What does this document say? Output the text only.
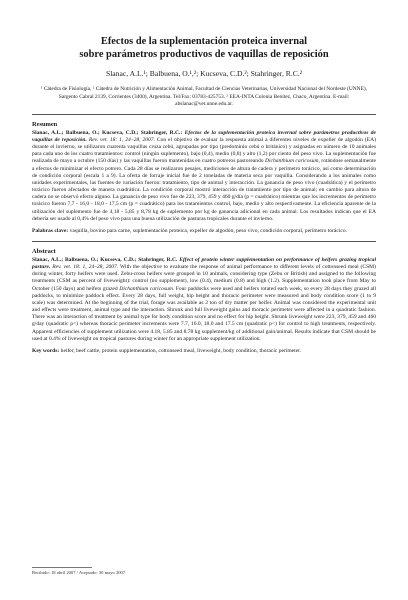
Efectos de la suplementación proteica invernal
sobre parámetros productivos de vaquillas de reposición
Slanac, A.L.¹; Balbuena, O.¹,²; Kucseva, C.D.²; Stahringer, R.C.²
¹ Cátedra de Fisiología, ² Cátedra de Nutrición y Alimentación Animal, Facultad de Ciencias Veterinarias, Universidad Nacional del Nordeste (UNNE), Sargento Cabral 2139, Corrientes (3400), Argentina. Tel/Fax: 03783-425753. ² EEA-INTA Colonia Benítez, Chaco, Argentina. E-mail: abslanac@vet.unne.edu.ar.
Resumen

Slanac, A.L.; Balbuena, O.; Kucseva, C.D.; Stahringer, R.C.: Efectos de la suplementación proteica invernal sobre parámetros productivos de vaquillas de reposición. Rev. vet. 18: 1, 24–28, 2007. Con el objetivo de evaluar la respuesta animal a diferentes niveles de expeller de algodón (EA) durante el invierno, se utilizaron cuarenta vaquillas cruza cebú, agrupadas por tipo (predominio cebú o británico) y asignadas en número de 10 animales para cada uno de los cuatro tratamientos: control (ningún suplemento), bajo (0,4), medio (0,8) y alto (1,2) por ciento del peso vivo. La suplementación fue realizada de mayo a octubre (150 días) y las vaquillas fueron mantenidas en cuatro potreros pastoreando Dichanthium caricosum, rotándose semanalmente a efectos de minimizar el efecto potrero. Cada 28 días se realizaron pesajes, mediciones de altura de cadera y perímetro torácico, así como determinación de condición corporal (escala 1 a 9). La oferta de forraje inicial fue de 2 toneladas de materia seca por vaquilla. Considerando a los animales como unidades experimentales, las fuentes de variación fueron: tratamiento, tipo de animal y interacción. La ganancia de peso vivo (cuadrática) y el perímetro torácico fueron afectados de manera cuadrática. La condición corporal mostró interacción de tratamiento por tipo de animal; en cambio para altura de cadera no se observó efecto alguno. La ganancia de peso vivo fue de 223, 379, 459 y 460 g/día (p = cuadrático) mientras que los incrementos de perímetro torácico fueron 7,7 - 16,0 - 18,0 - 17,5 cm (p = cuadrático) para los tratamientos control, bajo, medio y alto respectivamente. La eficiencia aparente de la utilización del suplemento fue de 4,18 - 5,85 y 8,78 kg de suplemento por kg de ganancia adicional en cada animal. Los resultados indican que el EA debería ser usado al 0,4% del peso vivo para una buena utilización de pasturas tropicales durante el invierno.

Palabras clave: vaquilla, bovino para carne, suplementación proteica, expeller de algodón, peso vivo, condición corporal, perímetro torácico.

Abstract

Slanac, A.L.; Balbuena, O.; Kucseva, C.D.; Stahringer, R.C. Effect of protein winter supplementation on performance of heifers grazing tropical pasture. Rev. vet. 18: 1, 24–28, 2007. With the objective to evaluate the response of animal performance to different levels of cottonseed meal (CSM) during winter, forty heifers were used. Zebu-cross heifers were grouped in 10 animals, considering type (Zebu or British) and assigned to the following treatments (CSM as percent of liveweight): control (no supplement), low (0.4), medium (0.8) and high (1.2). Supplementation took place from May to October (150 days) and heifers grazed Dichanthium caricosum. Four paddocks were used and heifers rotated each week, so every 28 days they grazed all paddocks, to minimize paddock effect. Every 28 days, full weight, hip height and thoracic perimeter were measured and body condition score (1 to 9 scale) was determined. At the beginning of the trial, forage was available as 2 ton of dry matter per heifer. Animal was considered the experimental unit and effects were treatment, animal type and the interaction. Shrunk and full liveweight gains and thoracic perimeter were affected in a quadratic fashion. There was an interaction of treatment by animal type for body condition score and no effect for hip height. Shrunk liveweight were 223, 379, 459 and 460 g/day (quadratic p<) whereas thoracic perimeter increments were 7.7, 16.0, 18.0 and 17.5 cm (quadratic p<) for control to high treatments, respectively. Apparent efficiencies of supplement utilization were 4.18, 5.85 and 8.78 kg supplement/kg of additional gain/animal. Results indicate that CSM should be used at 0.4% of liveweight on tropical pastures during winter for an appropriate supplement utilization.

Key words: heifer, beef cattle, protein supplementation, cottonseed meal, liveweight, body condition, thoracic perimeter.

Recibido: 18 abril 2007 / Aceptado: 30 mayo 2007
